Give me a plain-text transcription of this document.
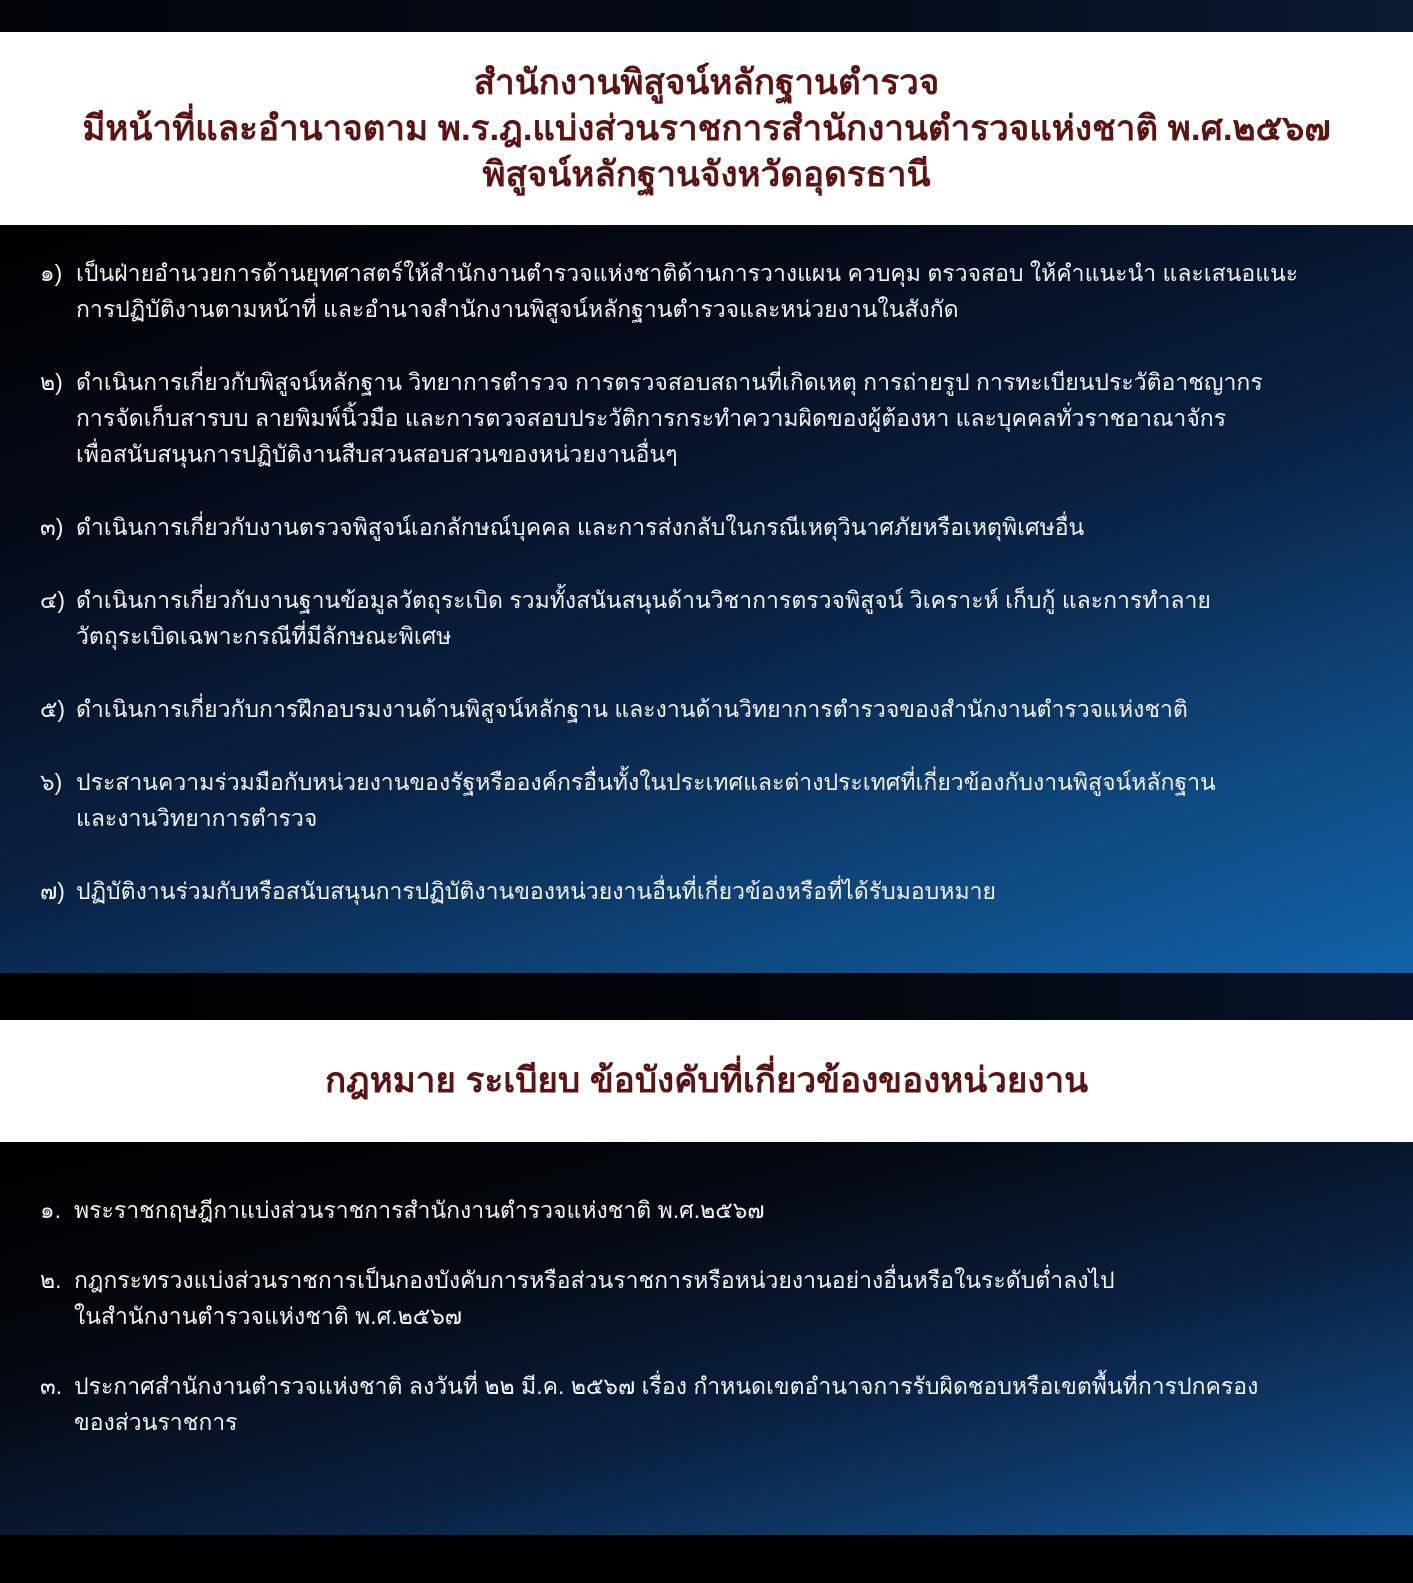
สำนักงานพิสูจน์หลักฐานตำรวจ
มีหน้าที่และอำนาจตาม พ.ร.ฎ.แบ่งส่วนราชการสำนักงานตำรวจแห่งชาติ พ.ศ.๒๕๖๗
พิสูจน์หลักฐานจังหวัดอุดรธานี
๑) เป็นฝ่ายอำนวยการด้านยุทศาสตร์ให้สำนักงานตำรวจแห่งชาติด้านการวางแผน ควบคุม ตรวจสอบ ให้คำแนะนำ และเสนอแนะ
การปฏิบัติงานตามหน้าที่ และอำนาจสำนักงานพิสูจน์หลักฐานตำรวจและหน่วยงานในสังกัด
๒) ดำเนินการเกี่ยวกับพิสูจน์หลักฐาน วิทยาการตำรวจ การตรวจสอบสถานที่เกิดเหตุ การถ่ายรูป การทะเบียนประวัติอาชญากร
การจัดเก็บสารบบ ลายพิมพ์นิ้วมือ และการตวจสอบประวัติการกระทำความผิดของผู้ต้องหา และบุคคลทั่วราชอาณาจักร
เพื่อสนับสนุนการปฏิบัติงานสืบสวนสอบสวนของหน่วยงานอื่นๆ
๓) ดำเนินการเกี่ยวกับงานตรวจพิสูจน์เอกลักษณ์บุคคล และการส่งกลับในกรณีเหตุวินาศภัยหรือเหตุพิเศษอื่น
๔) ดำเนินการเกี่ยวกับงานฐานข้อมูลวัตถุระเบิด รวมทั้งสนันสนุนด้านวิชาการตรวจพิสูจน์ วิเคราะห์ เก็บกู้ และการทำลาย
วัตถุระเบิดเฉพาะกรณีที่มีลักษณะพิเศษ
๕) ดำเนินการเกี่ยวกับการฝึกอบรมงานด้านพิสูจน์หลักฐาน และงานด้านวิทยาการตำรวจของสำนักงานตำรวจแห่งชาติ
๖) ประสานความร่วมมือกับหน่วยงานของรัฐหรือองค์กรอื่นทั้งในประเทศและต่างประเทศที่เกี่ยวข้องกับงานพิสูจน์หลักฐาน
และงานวิทยาการตำรวจ
๗) ปฏิบัติงานร่วมกับหรือสนับสนุนการปฏิบัติงานของหน่วยงานอื่นที่เกี่ยวข้องหรือที่ได้รับมอบหมาย
กฎหมาย ระเบียบ ข้อบังคับที่เกี่ยวข้องของหน่วยงาน
๑. พระราชกฤษฎีกาแบ่งส่วนราชการสำนักงานตำรวจแห่งชาติ พ.ศ.๒๕๖๗
๒. กฎกระทรวงแบ่งส่วนราชการเป็นกองบังคับการหรือส่วนราชการหรือหน่วยงานอย่างอื่นหรือในระดับต่ำลงไป
ในสำนักงานตำรวจแห่งชาติ พ.ศ.๒๕๖๗
๓. ประกาศสำนักงานตำรวจแห่งชาติ ลงวันที่ ๒๒ มี.ค. ๒๕๖๗ เรื่อง กำหนดเขตอำนาจการรับผิดชอบหรือเขตพื้นที่การปกครอง
ของส่วนราชการ
